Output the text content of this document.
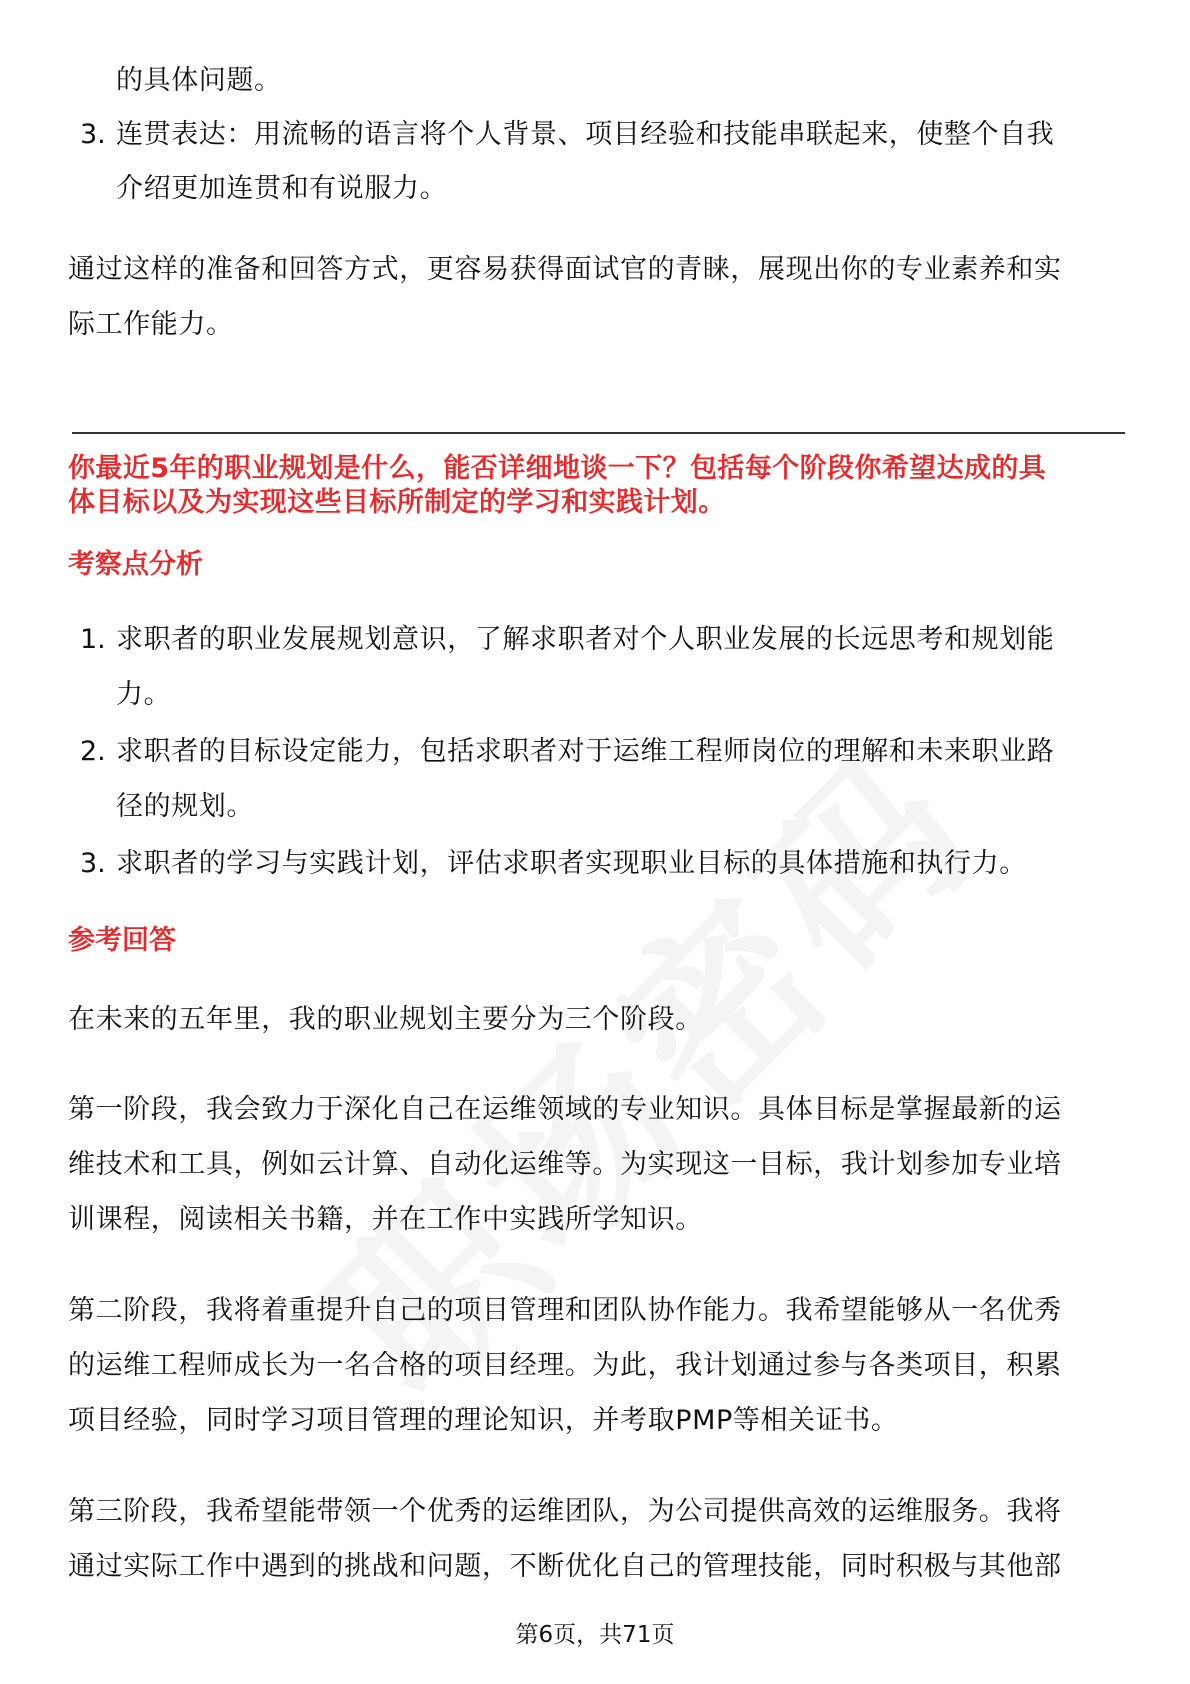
的具体问题。
3. 连贯表达：用流畅的语言将个人背景、项目经验和技能串联起来，使整个自我
介绍更加连贯和有说服力。
通过这样的准备和回答方式，更容易获得面试官的青睐，展现出你的专业素养和实
际工作能力。
你最近5年的职业规划是什么，能否详细地谈一下？包括每个阶段你希望达成的具
体目标以及为实现这些目标所制定的学习和实践计划。
考察点分析
1. 求职者的职业发展规划意识，了解求职者对个人职业发展的长远思考和规划能
力。
2. 求职者的目标设定能力，包括求职者对于运维工程师岗位的理解和未来职业路
径的规划。
3. 求职者的学习与实践计划，评估求职者实现职业目标的具体措施和执行力。
参考回答
在未来的五年里，我的职业规划主要分为三个阶段。
第一阶段，我会致力于深化自己在运维领域的专业知识。具体目标是掌握最新的运
维技术和工具，例如云计算、自动化运维等。为实现这一目标，我计划参加专业培
训课程，阅读相关书籍，并在工作中实践所学知识。
第二阶段，我将着重提升自己的项目管理和团队协作能力。我希望能够从一名优秀
的运维工程师成长为一名合格的项目经理。为此，我计划通过参与各类项目，积累
项目经验，同时学习项目管理的理论知识，并考取PMP等相关证书。
第三阶段，我希望能带领一个优秀的运维团队，为公司提供高效的运维服务。我将
通过实际工作中遇到的挑战和问题，不断优化自己的管理技能，同时积极与其他部
第6页，共71页
